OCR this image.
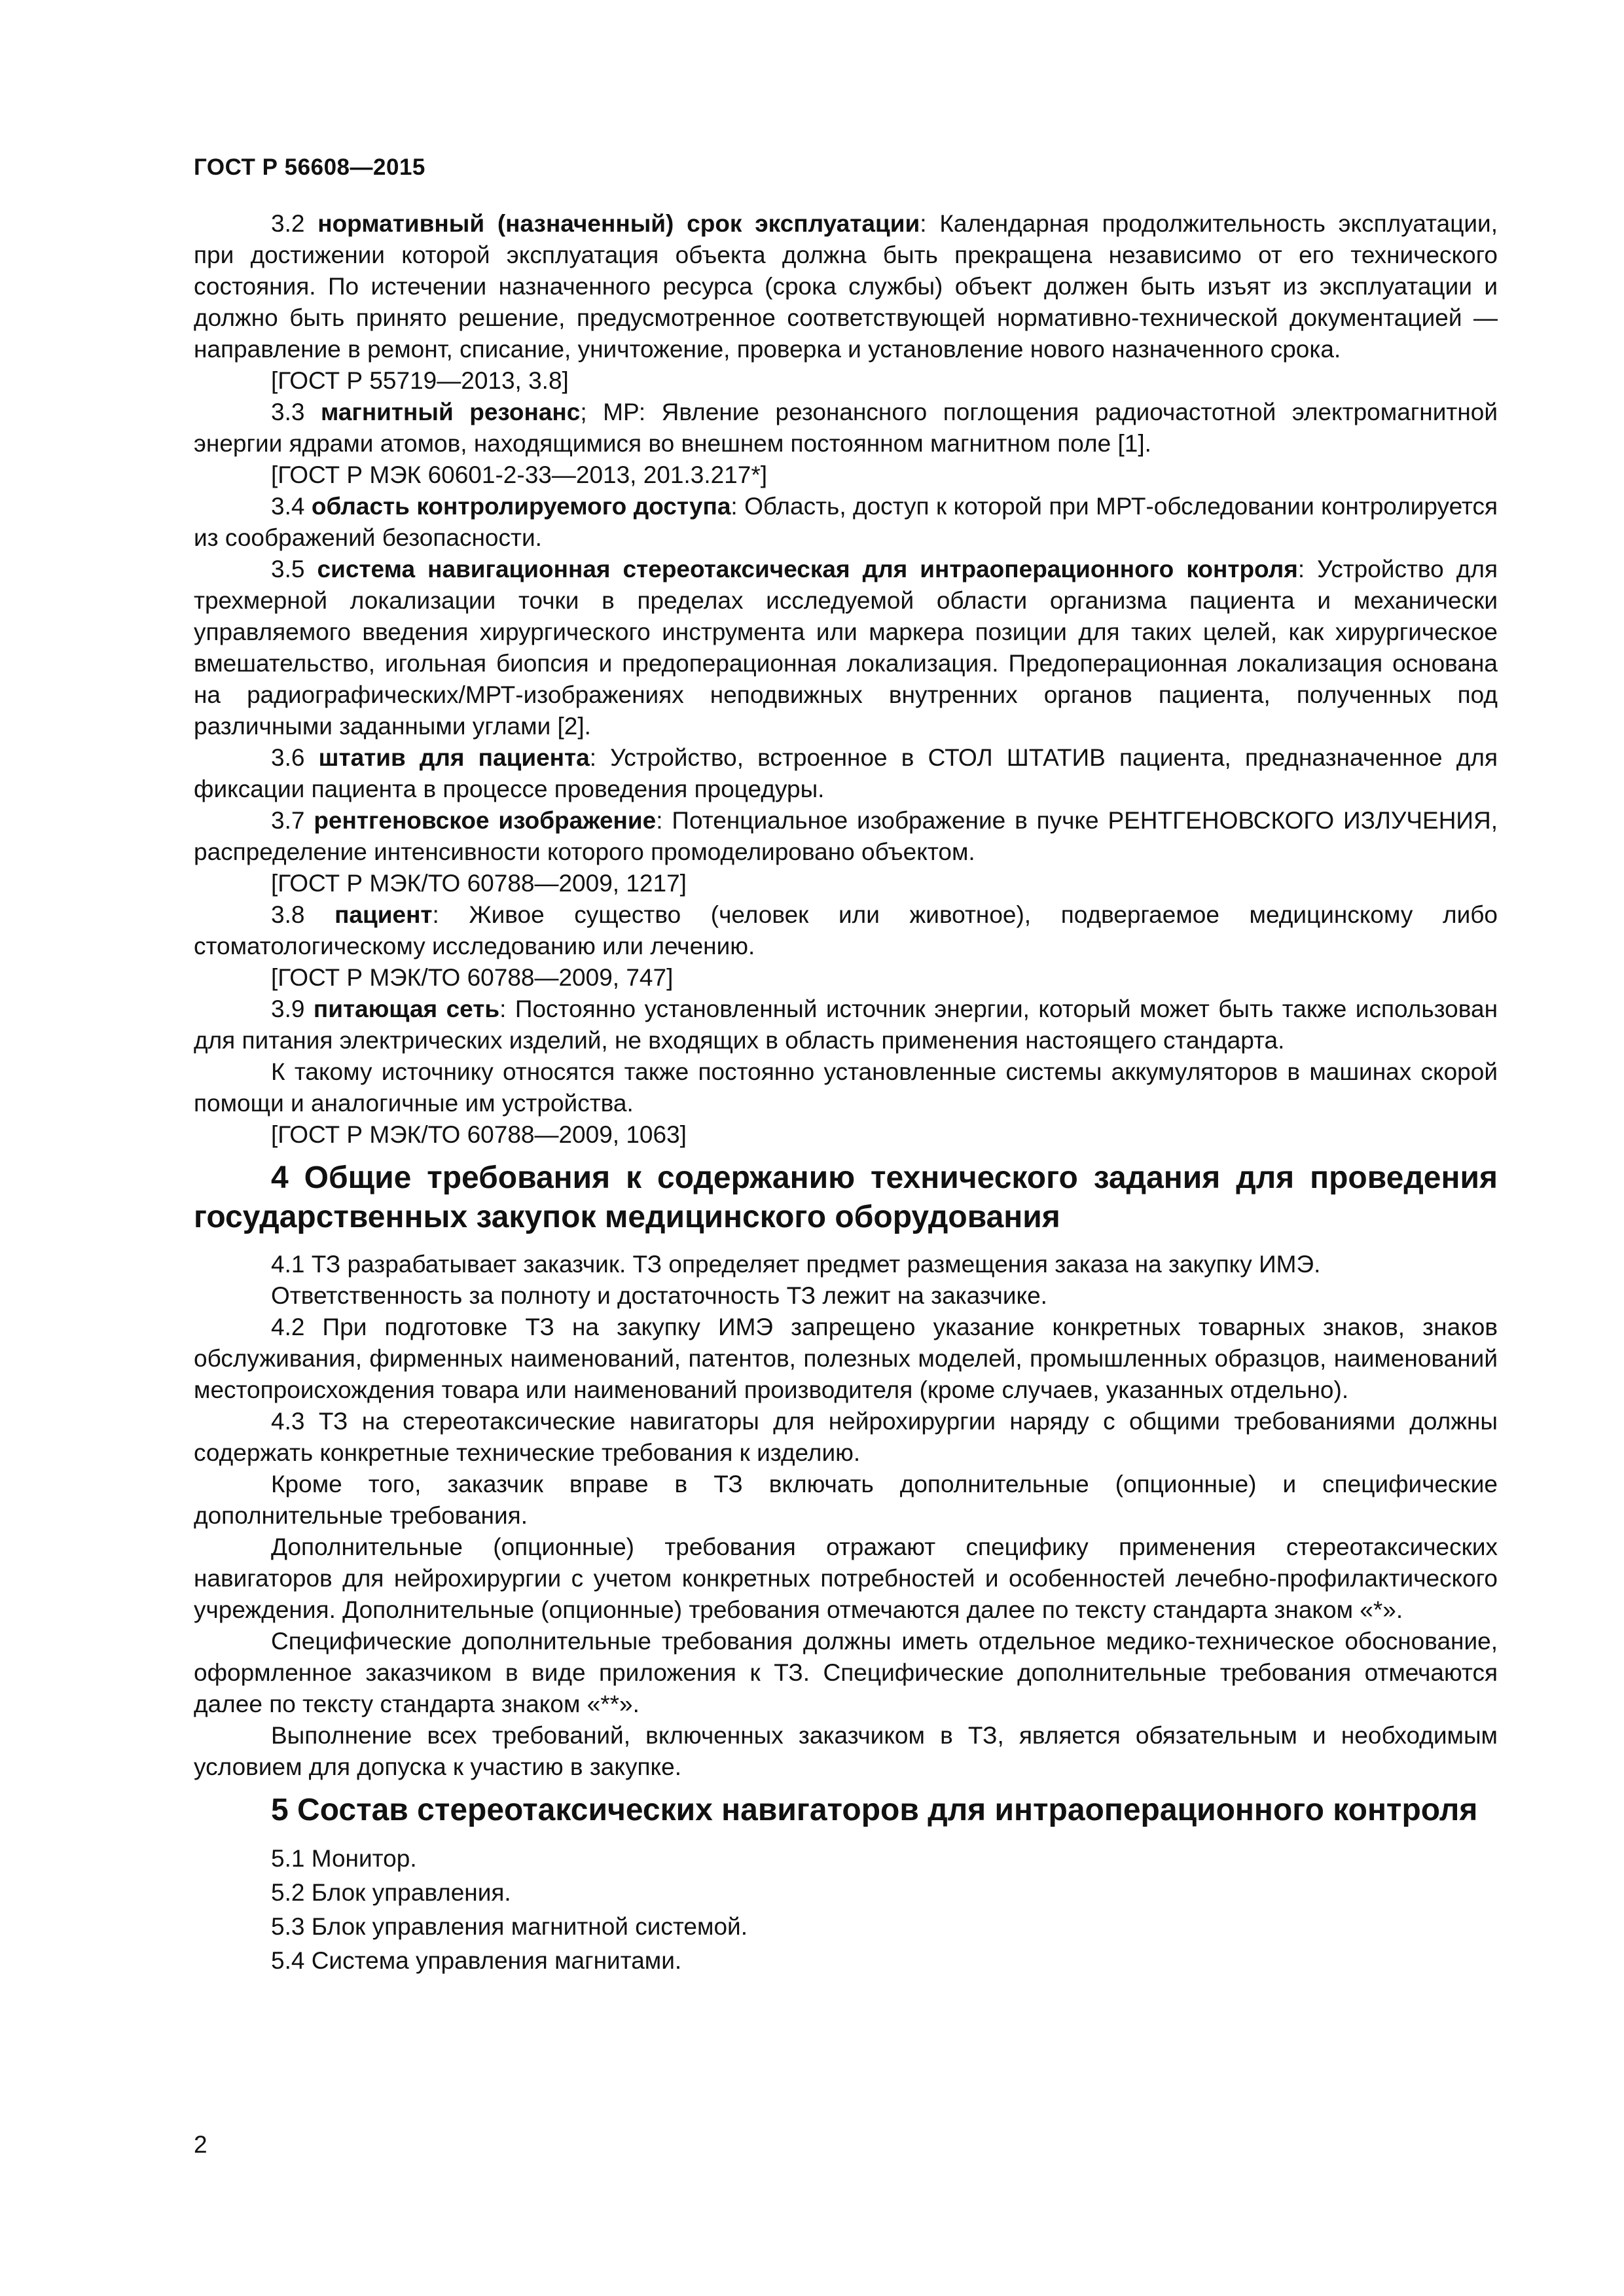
ГОСТ Р 56608—2015

3.2 нормативный (назначенный) срок эксплуатации: Календарная продолжительность эксплуатации, при достижении которой эксплуатация объекта должна быть прекращена независимо от его технического состояния. По истечении назначенного ресурса (срока службы) объект должен быть изъят из эксплуатации и должно быть принято решение, предусмотренное соответствующей нормативно-технической документацией — направление в ремонт, списание, уничтожение, проверка и установление нового назначенного срока.

[ГОСТ Р 55719—2013, 3.8]

3.3 магнитный резонанс; МР: Явление резонансного поглощения радиочастотной электромагнитной энергии ядрами атомов, находящимися во внешнем постоянном магнитном поле [1].

[ГОСТ Р МЭК 60601-2-33—2013, 201.3.217*]

3.4 область контролируемого доступа: Область, доступ к которой при МРТ-обследовании контролируется из соображений безопасности.

3.5 система навигационная стереотаксическая для интраоперационного контроля: Устройство для трехмерной локализации точки в пределах исследуемой области организма пациента и механически управляемого введения хирургического инструмента или маркера позиции для таких целей, как хирургическое вмешательство, игольная биопсия и предоперационная локализация. Предоперационная локализация основана на радиографических/МРТ-изображениях неподвижных внутренних органов пациента, полученных под различными заданными углами [2].

3.6 штатив для пациента: Устройство, встроенное в СТОЛ ШТАТИВ пациента, предназначенное для фиксации пациента в процессе проведения процедуры.

3.7 рентгеновское изображение: Потенциальное изображение в пучке РЕНТГЕНОВСКОГО ИЗЛУЧЕНИЯ, распределение интенсивности которого промоделировано объектом.

[ГОСТ Р МЭК/ТО 60788—2009, 1217]

3.8 пациент: Живое существо (человек или животное), подвергаемое медицинскому либо стоматологическому исследованию или лечению.

[ГОСТ Р МЭК/ТО 60788—2009, 747]

3.9 питающая сеть: Постоянно установленный источник энергии, который может быть также использован для питания электрических изделий, не входящих в область применения настоящего стандарта.

К такому источнику относятся также постоянно установленные системы аккумуляторов в машинах скорой помощи и аналогичные им устройства.

[ГОСТ Р МЭК/ТО 60788—2009, 1063]

4 Общие требования к содержанию технического задания для проведения государственных закупок медицинского оборудования

4.1 ТЗ разрабатывает заказчик. ТЗ определяет предмет размещения заказа на закупку ИМЭ.

Ответственность за полноту и достаточность ТЗ лежит на заказчике.

4.2 При подготовке ТЗ на закупку ИМЭ запрещено указание конкретных товарных знаков, знаков обслуживания, фирменных наименований, патентов, полезных моделей, промышленных образцов, наименований местопроисхождения товара или наименований производителя (кроме случаев, указанных отдельно).

4.3 ТЗ на стереотаксические навигаторы для нейрохирургии наряду с общими требованиями должны содержать конкретные технические требования к изделию.

Кроме того, заказчик вправе в ТЗ включать дополнительные (опционные) и специфические дополнительные требования.

Дополнительные (опционные) требования отражают специфику применения стереотаксических навигаторов для нейрохирургии с учетом конкретных потребностей и особенностей лечебно-профилактического учреждения. Дополнительные (опционные) требования отмечаются далее по тексту стандарта знаком «*».

Специфические дополнительные требования должны иметь отдельное медико-техническое обоснование, оформленное заказчиком в виде приложения к ТЗ. Специфические дополнительные требования отмечаются далее по тексту стандарта знаком «**».

Выполнение всех требований, включенных заказчиком в ТЗ, является обязательным и необходимым условием для допуска к участию в закупке.

5 Состав стереотаксических навигаторов для интраоперационного контроля

5.1 Монитор.

5.2 Блок управления.

5.3 Блок управления магнитной системой.

5.4 Система управления магнитами.

2
